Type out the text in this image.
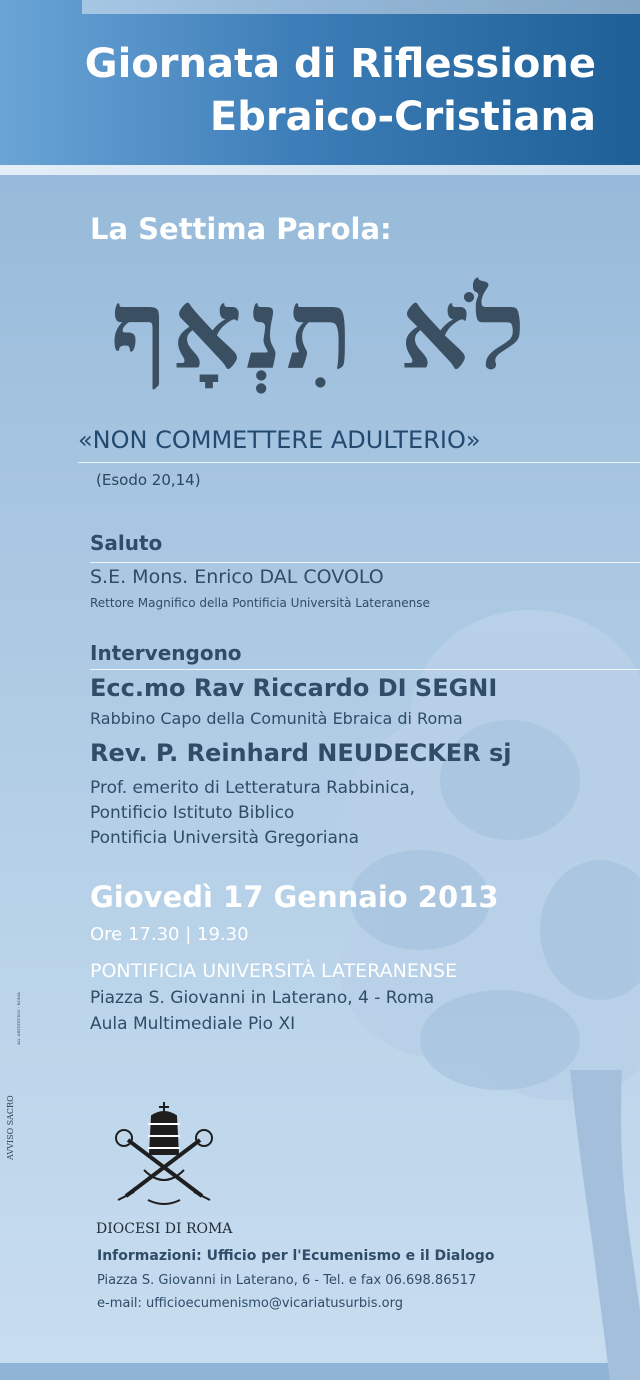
Giornata di Riflessione
Ebraico-Cristiana
La Settima Parola:
לֹא תִנְאָף
«NON COMMETTERE ADULTERIO»
(Esodo 20,14)
Saluto
S.E. Mons. Enrico DAL COVOLO
Rettore Magnifico della Pontificia Università Lateranense
Intervengono
Ecc.mo Rav Riccardo DI SEGNI
Rabbino Capo della Comunità Ebraica di Roma
Rev. P. Reinhard NEUDECKER sj
Prof. emerito di Letteratura Rabbinica,
Pontificio Istituto Biblico
Pontificia Università Gregoriana
Giovedì 17 Gennaio 2013
Ore 17.30 | 19.30
PONTIFICIA UNIVERSITÀ LATERANENSE
Piazza S. Giovanni in Laterano, 4 - Roma
Aula Multimediale Pio XI
DIOCESI DI ROMA
Informazioni: Ufficio per l'Ecumenismo e il Dialogo
Piazza S. Giovanni in Laterano, 6 - Tel. e fax 06.698.86517
e-mail: ufficioecumenismo@vicariatusurbis.org
AVVISO SACRO
AO. ARTEDITION - ROMA
